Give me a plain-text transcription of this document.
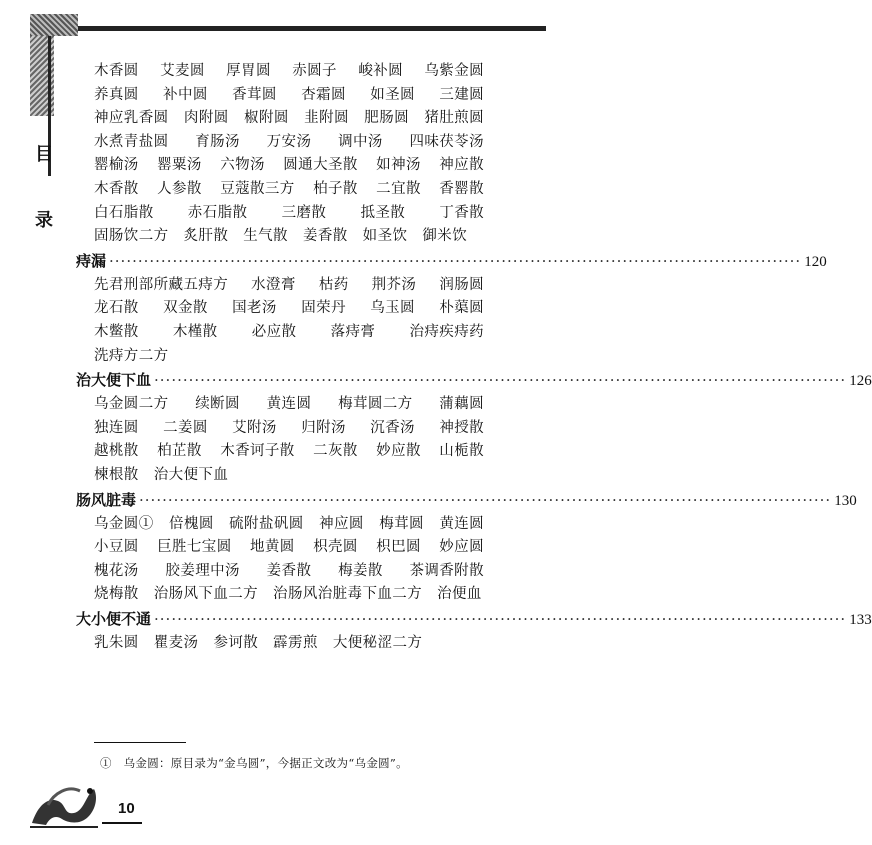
目
录
木香圆 艾麦圆 厚胃圆 赤圆子 峻补圆 乌紫金圆 养真圆 补中圆 香茸圆 杏霜圆 如圣圆 三建圆 神应乳香圆 肉附圆 椒附圆 韭附圆 肥肠圆 猪肚煎圆 水煮青盐圆 育肠汤 万安汤 调中汤 四味茯苓汤 罂榆汤 罂粟汤 六物汤 圆通大圣散 如神汤 神应散 木香散 人参散 豆蔻散三方 柏子散 二宜散 香罂散 白石脂散 赤石脂散 三磨散 抵圣散 丁香散 固肠饮二方 炙肝散 生气散 姜香散 如圣饮 御米饮
痔漏 ························································································································ 120
先君刑部所藏五痔方 水澄膏 枯药 荆芥汤 润肠圆 龙石散 双金散 国老汤 固荣丹 乌玉圆 朴蕖圆 木鳖散 木槿散 必应散 落痔膏 治痔疾痔药 洗痔方二方
治大便下血 ························································································································ 126
乌金圆二方 续断圆 黄连圆 梅茸圆二方 蒲藕圆 独连圆 二姜圆 艾附汤 归附汤 沉香汤 神授散 越桃散 柏芷散 木香诃子散 二灰散 妙应散 山栀散 楝根散 治大便下血
肠风脏毒 ························································································································ 130
乌金圆① 倍槐圆 硫附盐矾圆 神应圆 梅茸圆 黄连圆 小豆圆 巨胜七宝圆 地黄圆 枳壳圆 枳巴圆 妙应圆 槐花汤 胶姜理中汤 姜香散 梅姜散 茶调香附散 烧梅散 治肠风下血二方 治肠风治脏毒下血二方 治便血
大小便不通 ························································································································ 133
乳朱圆 瞿麦汤 参诃散 霹雳煎 大便秘涩二方
①　乌金圆：原目录为“金乌圆”，今据正文改为“乌金圆”。
10
